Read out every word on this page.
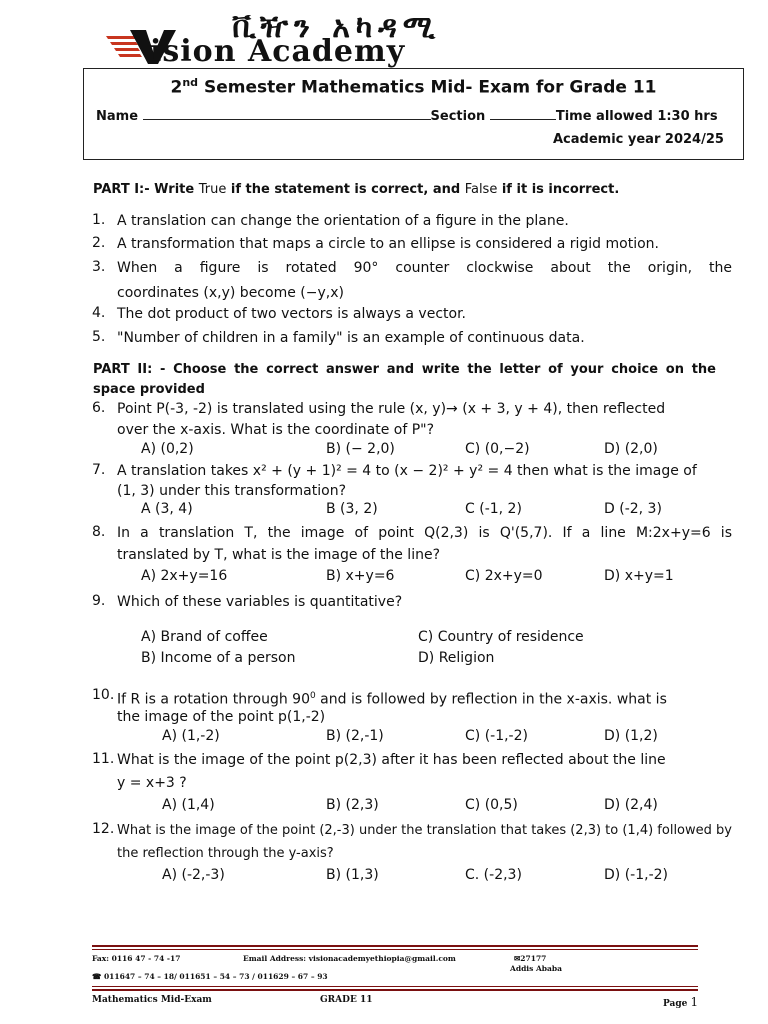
ቪዥን አካዳሚ
ision Academy
2nd Semester Mathematics Mid- Exam for Grade 11
Name	Section	Time allowed 1:30 hrs
Academic year 2024/25
PART I:- Write True if the statement is correct, and False if it is incorrect.
1. A translation can change the orientation of a figure in the plane.
2. A transformation that maps a circle to an ellipse is considered a rigid motion.
3. When a figure is rotated 90° counter clockwise about the origin, the
coordinates (x,y) become (−y,x)
4. The dot product of two vectors is always a vector.
5. "Number of children in a family" is an example of continuous data.
PART II: - Choose the correct answer and write the letter of your choice on the
space provided
6. Point P(-3, -2) is translated using the rule (x, y)→ (x + 3, y + 4), then reflected
over the x-axis. What is the coordinate of P"?
A) (0,2)	B) (− 2,0)	C) (0,−2)	D) (2,0)
7. A translation takes x² + (y + 1)² = 4 to (x − 2)² + y² = 4 then what is the image of
(1, 3) under this transformation?
A (3, 4)	B (3, 2)	C (-1, 2)	D (-2, 3)
8. In a translation T, the image of point Q(2,3) is Q'(5,7). If a line M:2x+y=6 is
translated by T, what is the image of the line?
A) 2x+y=16	B) x+y=6	C) 2x+y=0	D) x+y=1
9. Which of these variables is quantitative?
A) Brand of coffee	C) Country of residence
B) Income of a person	D) Religion
10. If R is a rotation through $90^0$ and is followed by reflection in the x-axis. what is
the image of the point p(1,-2)
A) (1,-2)	B) (2,-1)	C) (-1,-2)	D) (1,2)
11. What is the image of the point p(2,3) after it has been reflected about the line
y = x+3 ?
A) (1,4)	B) (2,3)	C) (0,5)	D) (2,4)
12. What is the image of the point (2,-3) under the translation that takes (2,3) to (1,4) followed by
the reflection through the y-axis?
A) (-2,-3)	B) (1,3)	C. (-2,3)	D) (-1,-2)
Fax: 0116 47 - 74 -17	Email Address: visionacademyethiopia@gmail.com	✉27177
Addis Ababa
☎ 011647 – 74 – 18/ 011651 – 54 – 73 / 011629 – 67 – 93
Mathematics Mid-Exam	GRADE 11	Page 1
